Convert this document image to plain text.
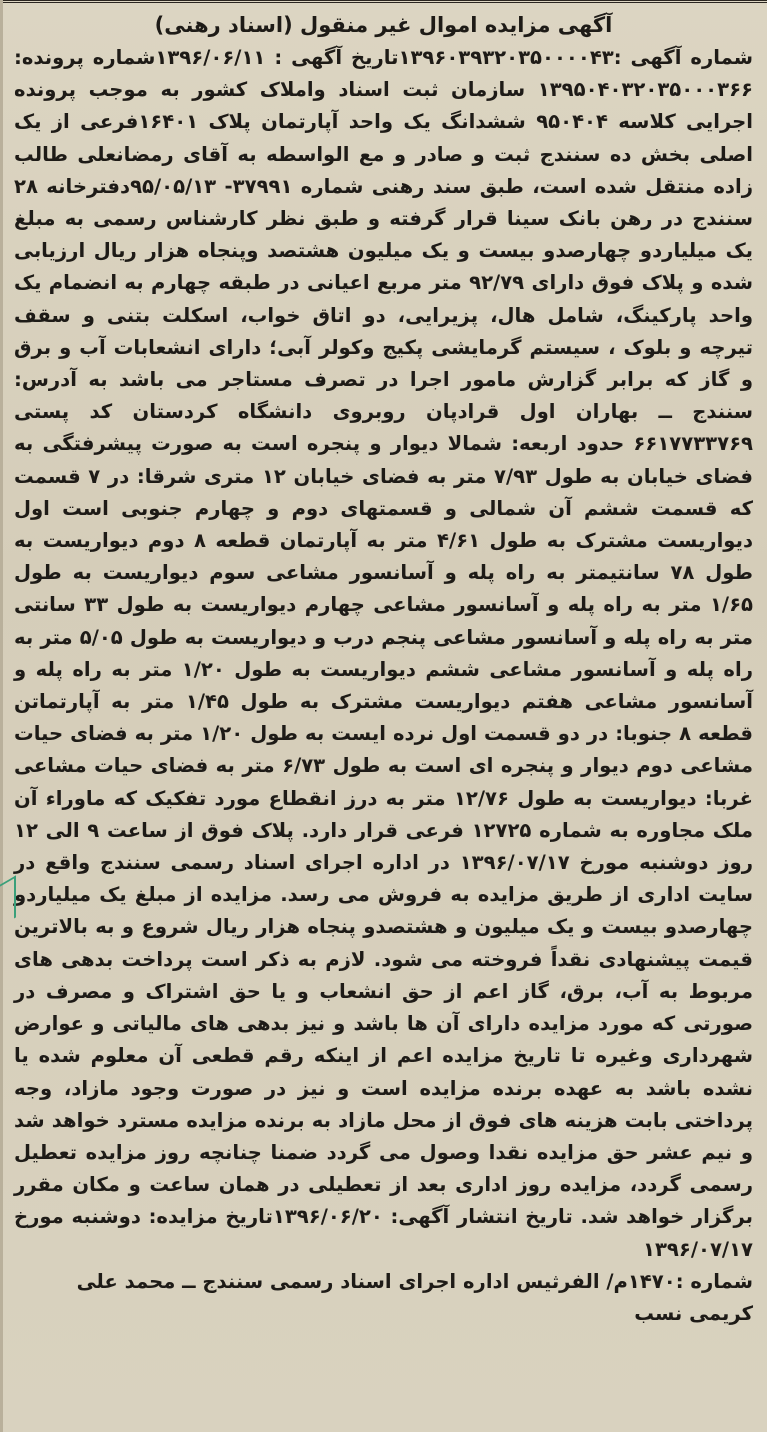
آگهی مزایده اموال غیر منقول (اسناد رهنی)

شماره آگهی :۱۳۹۶۰۳۹۳۲۰۳۵۰۰۰۰۴۳تاریخ آگهی : ۱۳۹۶/۰۶/۱۱شماره پرونده: ۱۳۹۵۰۴۰۳۲۰۳۵۰۰۰۳۶۶ سازمان ثبت اسناد واملاک کشور به موجب پرونده اجرایی کلاسه ۹۵۰۴۰۴ ششدانگ یک واحد آپارتمان پلاک ۱۶۴۰۱فرعی از یک اصلی بخش ده سنندج ثبت و صادر و مع الواسطه به آقای رمضانعلی طالب زاده منتقل شده است، طبق سند رهنی شماره ۳۷۹۹۱- ۹۵/۰۵/۱۳دفترخانه ۲۸ سنندج در رهن بانک سینا قرار گرفته و طبق نظر کارشناس رسمی به مبلغ یک میلیاردو چهارصدو بیست و یک میلیون هشتصد وپنجاه هزار ریال ارزیابی شده و پلاک فوق دارای ۹۲/۷۹ متر مربع اعیانی در طبقه چهارم به انضمام یک واحد پارکینگ، شامل هال، پزیرایی، دو اتاق خواب، اسکلت بتنی و سقف تیرچه و بلوک ، سیستم گرمایشی پکیج وکولر آبی؛ دارای انشعابات آب و برق و گاز که برابر گزارش مامور اجرا در تصرف مستاجر می باشد به آدرس: سنندج ــ بهاران اول قرادپان روبروی دانشگاه کردستان کد پستی ۶۶۱۷۷۳۳۷۶۹ حدود اربعه: شمالا دیوار و پنجره است به صورت پیشرفتگی به فضای خیابان به طول ۷/۹۳ متر به فضای خیابان ۱۲ متری شرقا: در ۷ قسمت که قسمت ششم آن شمالی و قسمتهای دوم و چهارم جنوبی است اول دیواریست مشترک به طول ۴/۶۱ متر به آپارتمان قطعه ۸ دوم دیواریست به طول ۷۸ سانتیمتر به راه پله و آسانسور مشاعی سوم دیواریست به طول ۱/۶۵ متر به راه پله و آسانسور مشاعی چهارم دیواریست به طول ۳۳ سانتی متر به راه پله و آسانسور مشاعی پنجم درب و دیواریست به طول ۵/۰۵ متر به راه پله و آسانسور مشاعی ششم دیواریست به طول ۱/۲۰ متر به راه پله و آسانسور مشاعی هفتم دیواریست مشترک به طول ۱/۴۵ متر به آپارتماتن قطعه ۸ جنوبا: در دو قسمت اول نرده ایست به طول ۱/۲۰ متر به فضای حیات مشاعی دوم دیوار و پنجره ای است به طول ۶/۷۳ متر به فضای حیات مشاعی غربا: دیواریست به طول ۱۲/۷۶ متر به درز انقطاع مورد تفکیک که ماوراء آن ملک مجاوره به شماره ۱۲۷۲۵ فرعی قرار دارد. پلاک فوق از ساعت ۹ الی ۱۲ روز دوشنبه مورخ ۱۳۹۶/۰۷/۱۷ در اداره اجرای اسناد رسمی سنندج واقع در سایت اداری از طریق مزایده به فروش می رسد. مزایده از مبلغ یک میلیاردو چهارصدو بیست و یک میلیون و هشتصدو پنجاه هزار ریال شروع و به بالاترین قیمت پیشنهادی نقداً فروخته می شود. لازم به ذکر است پرداخت بدهی های مربوط به آب، برق، گاز اعم از حق انشعاب و یا حق اشتراک و مصرف در صورتی که مورد مزایده دارای آن ها باشد و نیز بدهی های مالیاتی و عوارض شهرداری وغیره تا تاریخ مزایده اعم از اینکه رقم قطعی آن معلوم شده یا نشده باشد به عهده برنده مزایده است و نیز در صورت وجود مازاد، وجه پرداختی بابت هزینه های فوق از محل مازاد به برنده مزایده مسترد خواهد شد و نیم عشر حق مزایده نقدا وصول می گردد ضمنا چنانچه روز مزایده تعطیل رسمی گردد، مزایده روز اداری بعد از تعطیلی در همان ساعت و مکان مقرر برگزار خواهد شد. تاریخ انتشار آگهی: ۱۳۹۶/۰۶/۲۰تاریخ مزایده: دوشنبه مورخ ۱۳۹۶/۰۷/۱۷

شماره :۱۴۷۰م/ الفرثیس اداره اجرای اسناد رسمی سنندج ــ محمد علی کریمی نسب
